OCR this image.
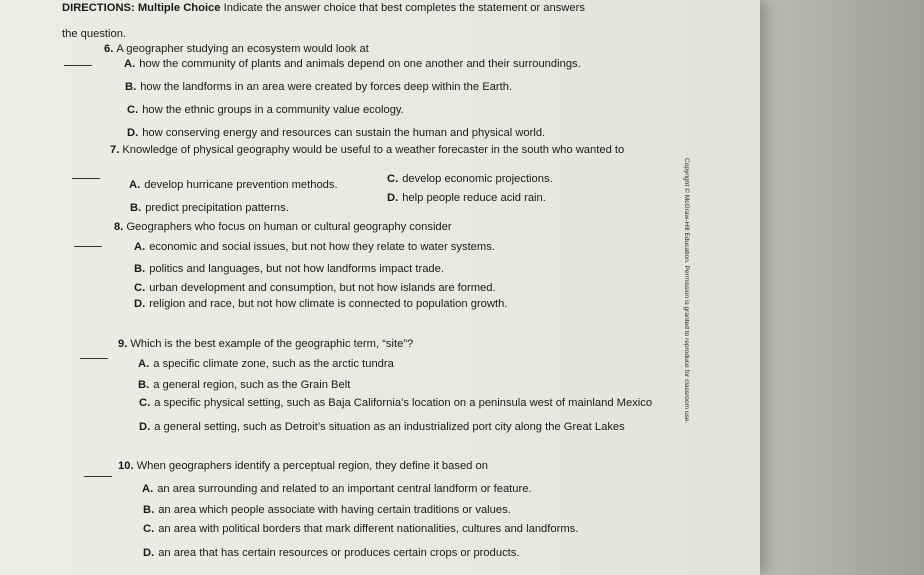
DIRECTIONS: Multiple Choice Indicate the answer choice that best completes the statement or answers
the question.
6. A geographer studying an ecosystem would look at
A. how the community of plants and animals depend on one another and their surroundings.
B. how the landforms in an area were created by forces deep within the Earth.
C. how the ethnic groups in a community value ecology.
D. how conserving energy and resources can sustain the human and physical world.
7. Knowledge of physical geography would be useful to a weather forecaster in the south who wanted to
A. develop hurricane prevention methods.	C. develop economic projections.
B. predict precipitation patterns.
D. help people reduce acid rain.
8. Geographers who focus on human or cultural geography consider
A. economic and social issues, but not how they relate to water systems.
B. politics and languages, but not how landforms impact trade.
C. urban development and consumption, but not how islands are formed.
D. religion and race, but not how climate is connected to population growth.
9. Which is the best example of the geographic term, “site”?
A. a specific climate zone, such as the arctic tundra
B. a general region, such as the Grain Belt
C. a specific physical setting, such as Baja California’s location on a peninsula west of mainland Mexico
D. a general setting, such as Detroit’s situation as an industrialized port city along the Great Lakes
10. When geographers identify a perceptual region, they define it based on
A. an area surrounding and related to an important central landform or feature.
B. an area which people associate with having certain traditions or values.
C. an area with political borders that mark different nationalities, cultures and landforms.
D. an area that has certain resources or produces certain crops or products.
Copyright © McGraw-Hill Education. Permission is granted to reproduce for classroom use.
